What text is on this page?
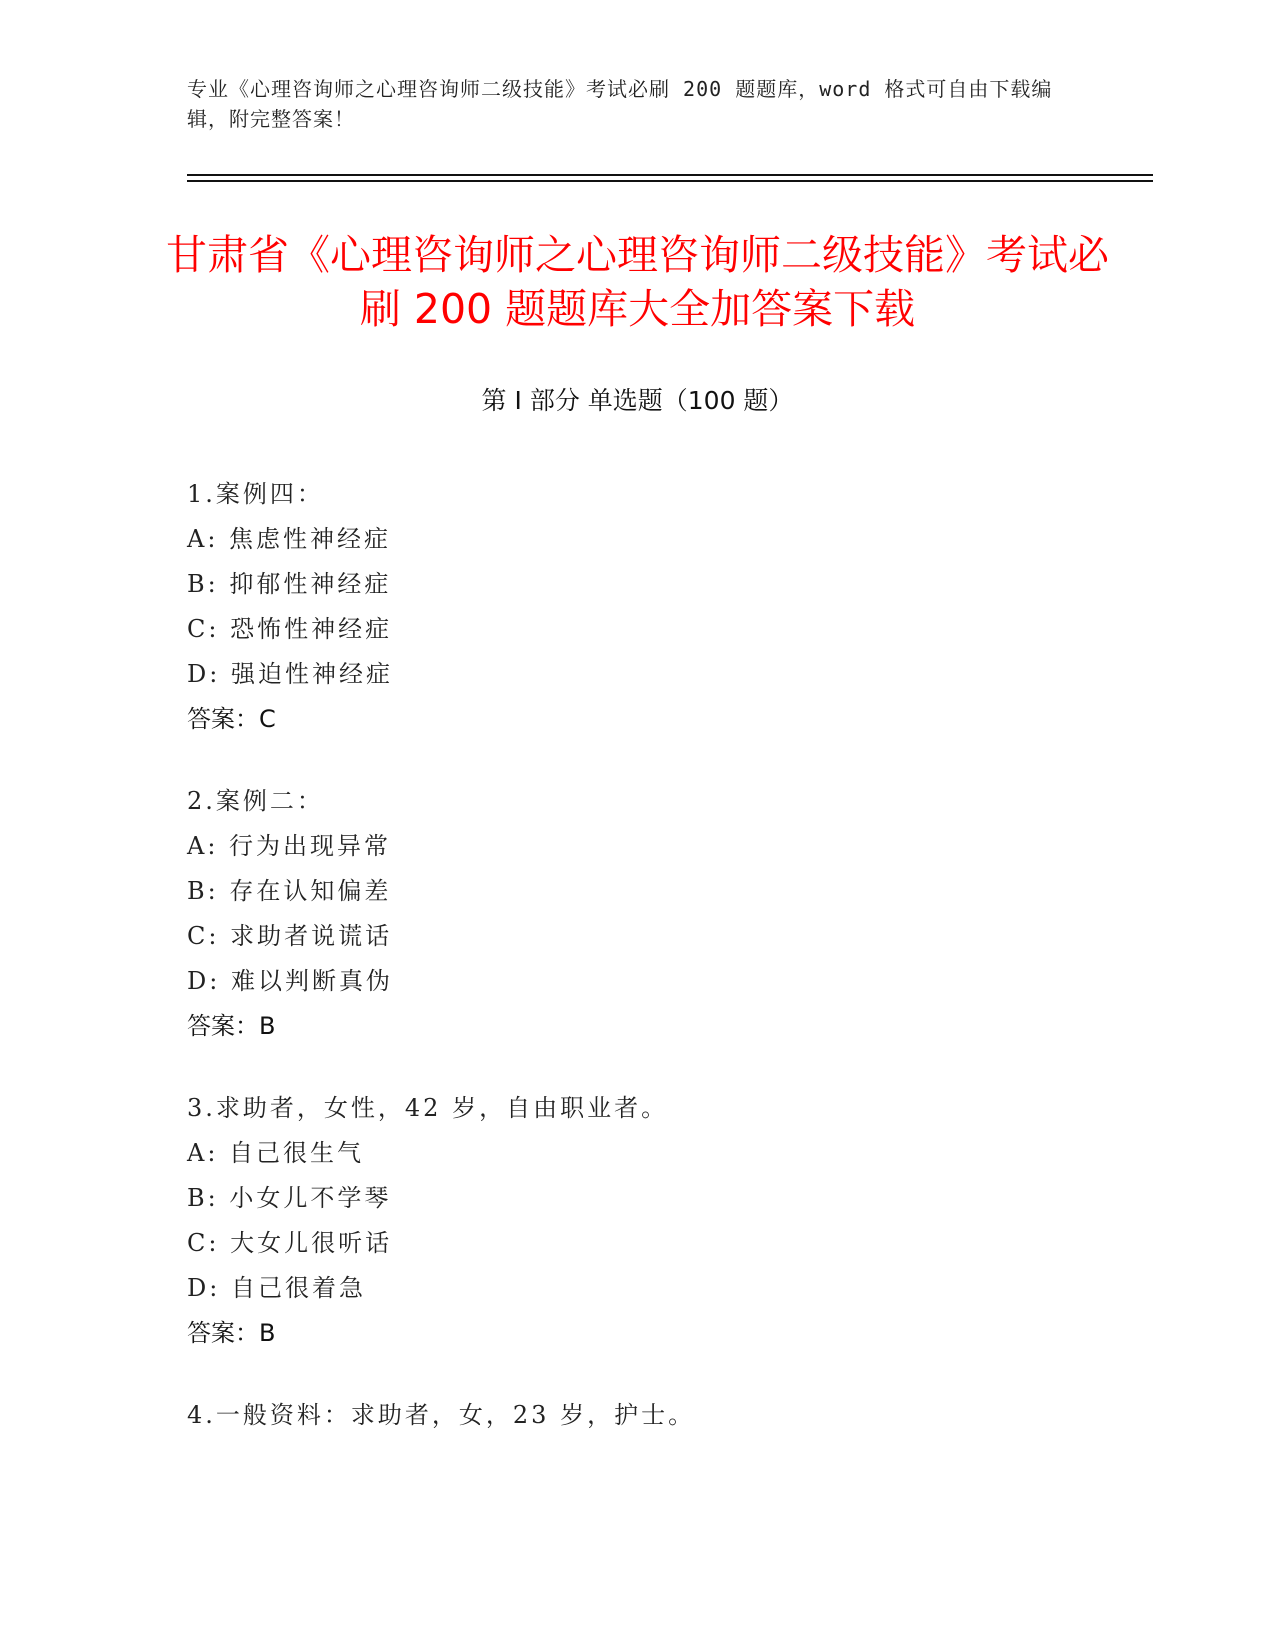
专业《心理咨询师之心理咨询师二级技能》考试必刷 200 题题库，word 格式可自由下载编辑，附完整答案！
甘肃省《心理咨询师之心理咨询师二级技能》考试必刷 200 题题库大全加答案下载
第 I 部分 单选题（100 题）
1.案例四：
A: 焦虑性神经症
B: 抑郁性神经症
C: 恐怖性神经症
D: 强迫性神经症
答案：C
2.案例二：
A: 行为出现异常
B: 存在认知偏差
C: 求助者说谎话
D: 难以判断真伪
答案：B
3.求助者，女性，42 岁，自由职业者。
A: 自己很生气
B: 小女儿不学琴
C: 大女儿很听话
D: 自己很着急
答案：B
4.一般资料：求助者，女，23 岁，护士。
